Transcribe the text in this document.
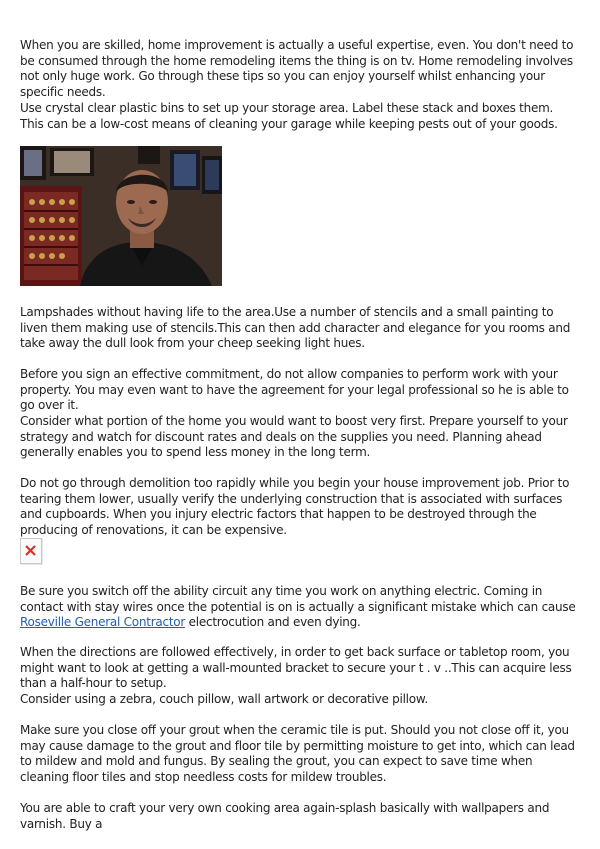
When you are skilled, home improvement is actually a useful expertise, even. You don't need to be consumed through the home remodeling items the thing is on tv. Home remodeling involves not only huge work. Go through these tips so you can enjoy yourself whilst enhancing your specific needs.

Use crystal clear plastic bins to set up your storage area. Label these stack and boxes them. This can be a low-cost means of cleaning your garage while keeping pests out of your goods.

Lampshades without having life to the area.Use a number of stencils and a small painting to liven them making use of stencils.This can then add character and elegance for you rooms and take away the dull look from your cheep seeking light hues.

Before you sign an effective commitment, do not allow companies to perform work with your property. You may even want to have the agreement for your legal professional so he is able to go over it.

Consider what portion of the home you would want to boost very first. Prepare yourself to your strategy and watch for discount rates and deals on the supplies you need. Planning ahead generally enables you to spend less money in the long term.

Do not go through demolition too rapidly while you begin your house improvement job. Prior to tearing them lower, usually verify the underlying construction that is associated with surfaces and cupboards. When you injury electric factors that happen to be destroyed through the producing of renovations, it can be expensive.

Be sure you switch off the ability circuit any time you work on anything electric. Coming in contact with stay wires once the potential is on is actually a significant mistake which can cause Roseville General Contractor electrocution and even dying.

When the directions are followed effectively, in order to get back surface or tabletop room, you might want to look at getting a wall-mounted bracket to secure your t . v ..This can acquire less than a half-hour to setup.

Consider using a zebra, couch pillow, wall artwork or decorative pillow.

Make sure you close off your grout when the ceramic tile is put. Should you not close off it, you may cause damage to the grout and floor tile by permitting moisture to get into, which can lead to mildew and mold and fungus. By sealing the grout, you can expect to save time when cleaning floor tiles and stop needless costs for mildew troubles.

You are able to craft your very own cooking area again-splash basically with wallpapers and varnish. Buy a
